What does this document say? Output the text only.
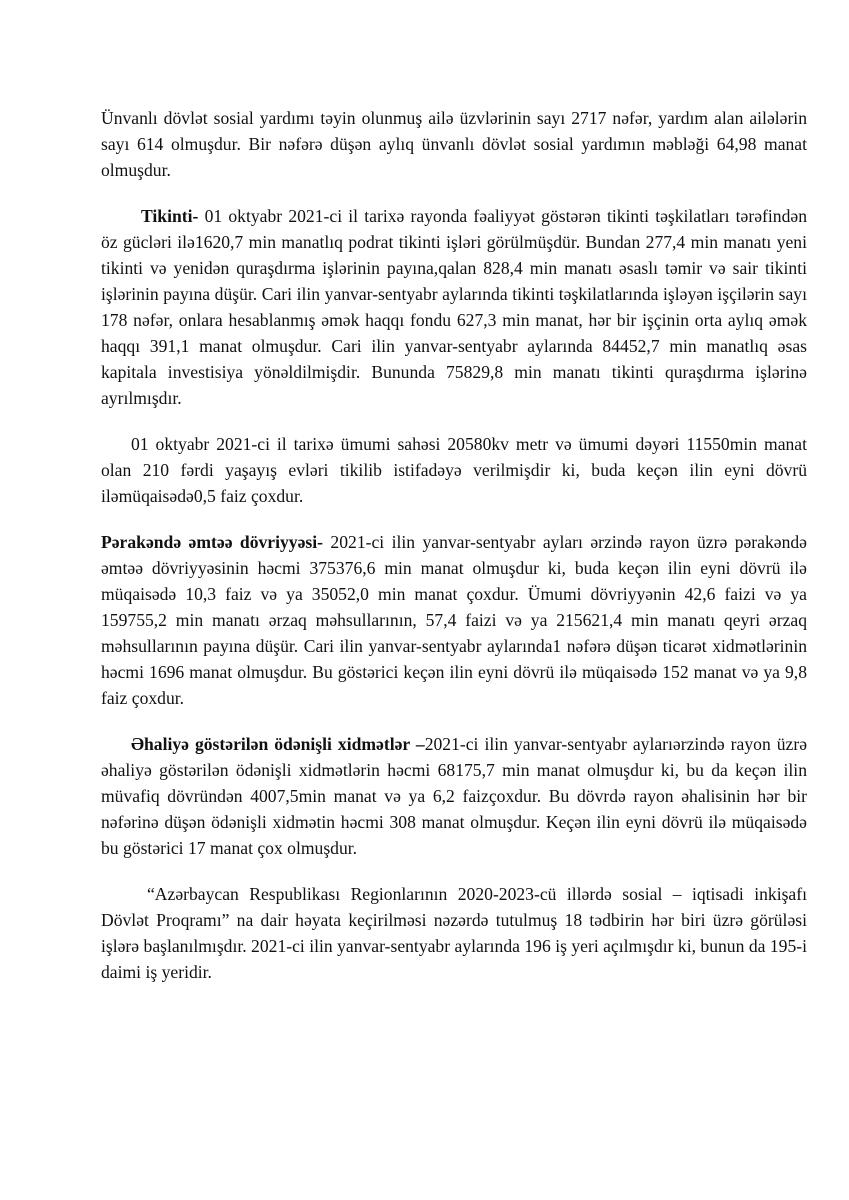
Ünvanlı dövlət sosial yardımı təyin olunmuş ailə üzvlərinin sayı 2717 nəfər, yardım alan ailələrin sayı 614 olmuşdur. Bir nəfərə düşən aylıq ünvanlı dövlət sosial yardımın məbləği 64,98 manat olmuşdur.

Tikinti- 01 oktyabr 2021-ci il tarixə rayonda fəaliyyət göstərən tikinti təşkilatları tərəfindən öz gücləri ilə1620,7 min manatlıq podrat tikinti işləri görülmüşdür. Bundan 277,4 min manatı yeni tikinti və yenidən quraşdırma işlərinin payına,qalan 828,4 min manatı əsaslı təmir və sair tikinti işlərinin payına düşür. Cari ilin yanvar-sentyabr aylarında tikinti təşkilatlarında işləyən işçilərin sayı 178 nəfər, onlara hesablanmış əmək haqqı fondu 627,3 min manat, hər bir işçinin orta aylıq əmək haqqı 391,1 manat olmuşdur. Cari ilin yanvar-sentyabr aylarında 84452,7 min manatlıq əsas kapitala investisiya yönəldilmişdir. Bununda 75829,8 min manatı tikinti quraşdırma işlərinə ayrılmışdır.

01 oktyabr 2021-ci il tarixə ümumi sahəsi 20580kv metr və ümumi dəyəri 11550min manat olan 210 fərdi yaşayış evləri tikilib istifadəyə verilmişdir ki, buda keçən ilin eyni dövrü iləmüqaisədə0,5 faiz çoxdur.

Pərakəndə əmtəə dövriyyəsi- 2021-ci ilin yanvar-sentyabr ayları ərzində rayon üzrə pərakəndə əmtəə dövriyyəsinin həcmi 375376,6 min manat olmuşdur ki, buda keçən ilin eyni dövrü ilə müqaisədə 10,3 faiz və ya 35052,0 min manat çoxdur. Ümumi dövriyyənin 42,6 faizi və ya 159755,2 min manatı ərzaq məhsullarının, 57,4 faizi və ya 215621,4 min manatı qeyri ərzaq məhsullarının payına düşür. Cari ilin yanvar-sentyabr aylarında1 nəfərə düşən ticarət xidmətlərinin həcmi 1696 manat olmuşdur. Bu göstərici keçən ilin eyni dövrü ilə müqaisədə 152 manat və ya 9,8 faiz çoxdur.

Əhaliyə göstərilən ödənişli xidmətlər –2021-ci ilin yanvar-sentyabr aylarıərzində rayon üzrə əhaliyə göstərilən ödənişli xidmətlərin həcmi 68175,7 min manat olmuşdur ki, bu da keçən ilin müvafiq dövründən 4007,5min manat və ya 6,2 faizçoxdur. Bu dövrdə rayon əhalisinin hər bir nəfərinə düşən ödənişli xidmətin həcmi 308 manat olmuşdur. Keçən ilin eyni dövrü ilə müqaisədə bu göstərici 17 manat çox olmuşdur.

“Azərbaycan Respublikası Regionlarının 2020-2023-cü illərdə sosial – iqtisadi inkişafı Dövlət Proqramı” na dair həyata keçirilməsi nəzərdə tutulmuş 18 tədbirin hər biri üzrə görüləsi işlərə başlanılmışdır. 2021-ci ilin yanvar-sentyabr aylarında 196 iş yeri açılmışdır ki, bunun da 195-i daimi iş yeridir.
